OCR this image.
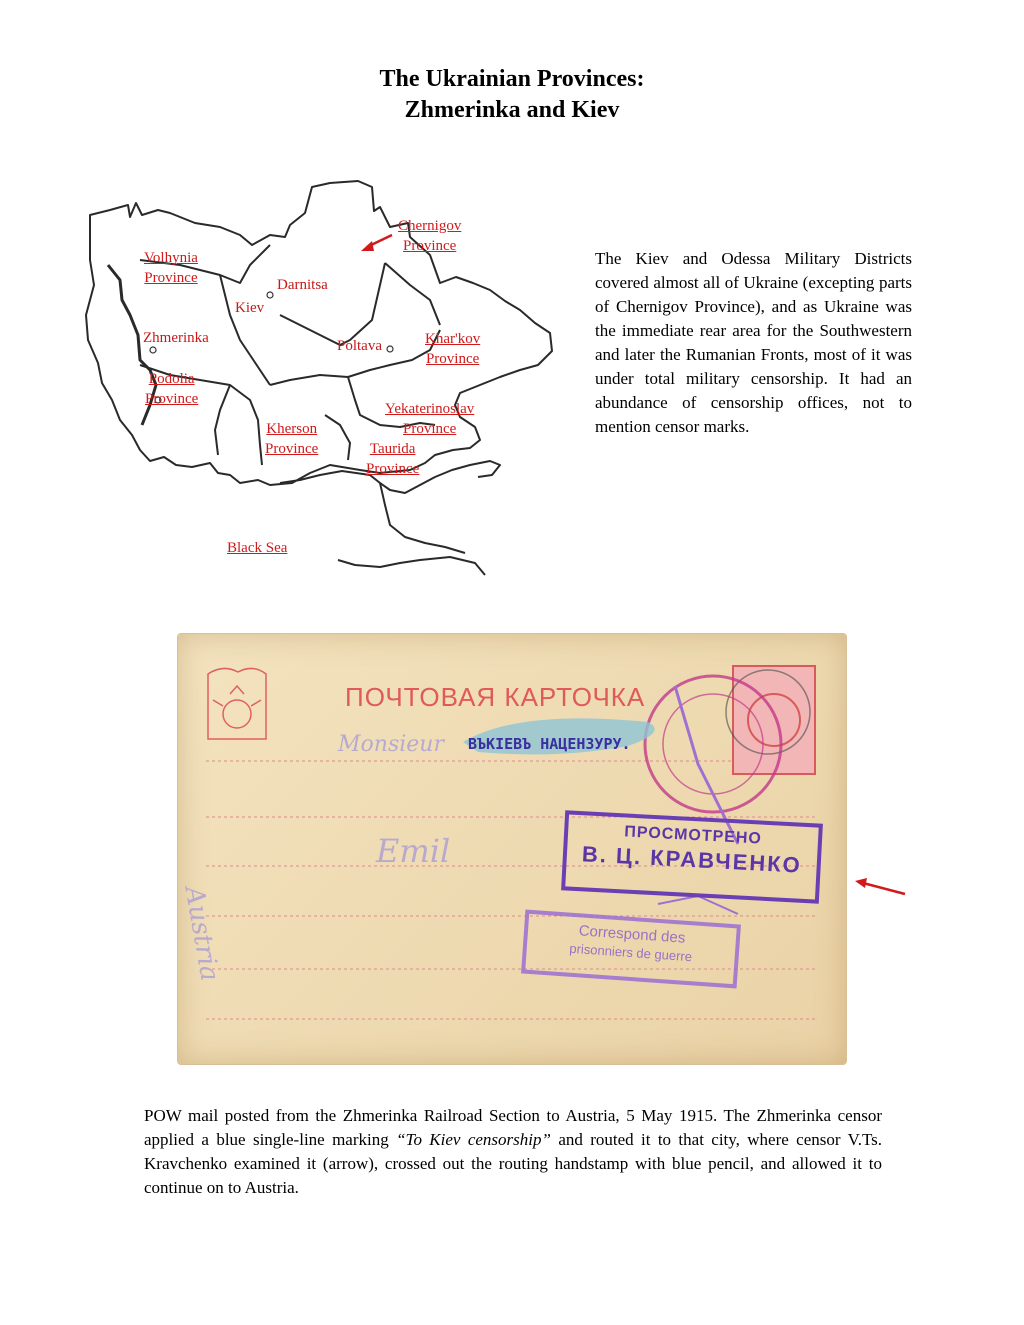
The Ukrainian Provinces:
Zhmerinka and Kiev
Chernigov
Province
Volhynia
Province
Khar'kov
Province
Podolia
Province
Yekaterinoslav
Province
Kherson
Province	Taurida
Province
Black Sea
Darnitsa
Kiev
Zhmerinka	Poltava
The Kiev and Odessa Military Districts covered almost all of Ukraine (excepting parts of Chernigov Province), and as Ukraine was the immediate rear area for the Southwestern and later the Rumanian Fronts, most of it was under total military censorship. It had an abundance of censorship offices, not to mention censor marks.
ПОЧТОВАЯ КАРТОЧКА
ВЪКІЕВЪ НАЦЕНЗУРУ.
Monsieur
Emil
Austria
ПРОСМОТРЕНО
В. Ц. КРАВЧЕНКО
Correspond des
prisonniers de guerre
POW mail posted from the Zhmerinka Railroad Section to Austria, 5 May 1915. The Zhmerinka censor applied a blue single-line marking “To Kiev censorship” and routed it to that city, where censor V.Ts. Kravchenko examined it (arrow), crossed out the routing handstamp with blue pencil, and allowed it to continue on to Austria.
